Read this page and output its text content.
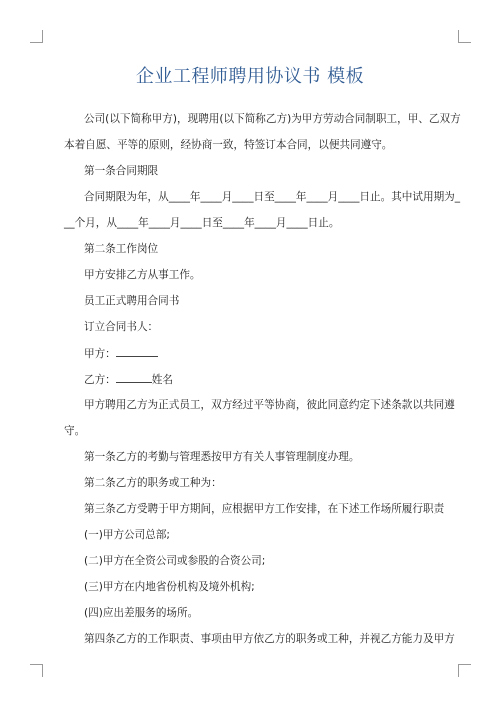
企业工程师聘用协议书 模板
公司(以下简称甲方)，现聘用(以下简称乙方)为甲方劳动合同制职工，甲、乙双方
本着自愿、平等的原则，经协商一致，特签订本合同，以便共同遵守。
第一条合同期限
合同期限为年，从____年____月____日至____年____月____日止。其中试用期为_
__个月，从____年____月____日至____年____月____日止。
第二条工作岗位
甲方安排乙方从事工作。
员工正式聘用合同书
订立合同书人：
甲方：
乙方：	姓名
甲方聘用乙方为正式员工，双方经过平等协商，彼此同意约定下述条款以共同遵
守。
第一条乙方的考勤与管理悉按甲方有关人事管理制度办理。
第二条乙方的职务或工种为：
第三条乙方受聘于甲方期间，应根据甲方工作安排，在下述工作场所履行职责
(一)甲方公司总部;
(二)甲方在全资公司或参股的合资公司;
(三)甲方在内地省份机构及境外机构;
(四)应出差服务的场所。
第四条乙方的工作职责、事项由甲方依乙方的职务或工种，并视乙方能力及甲方
